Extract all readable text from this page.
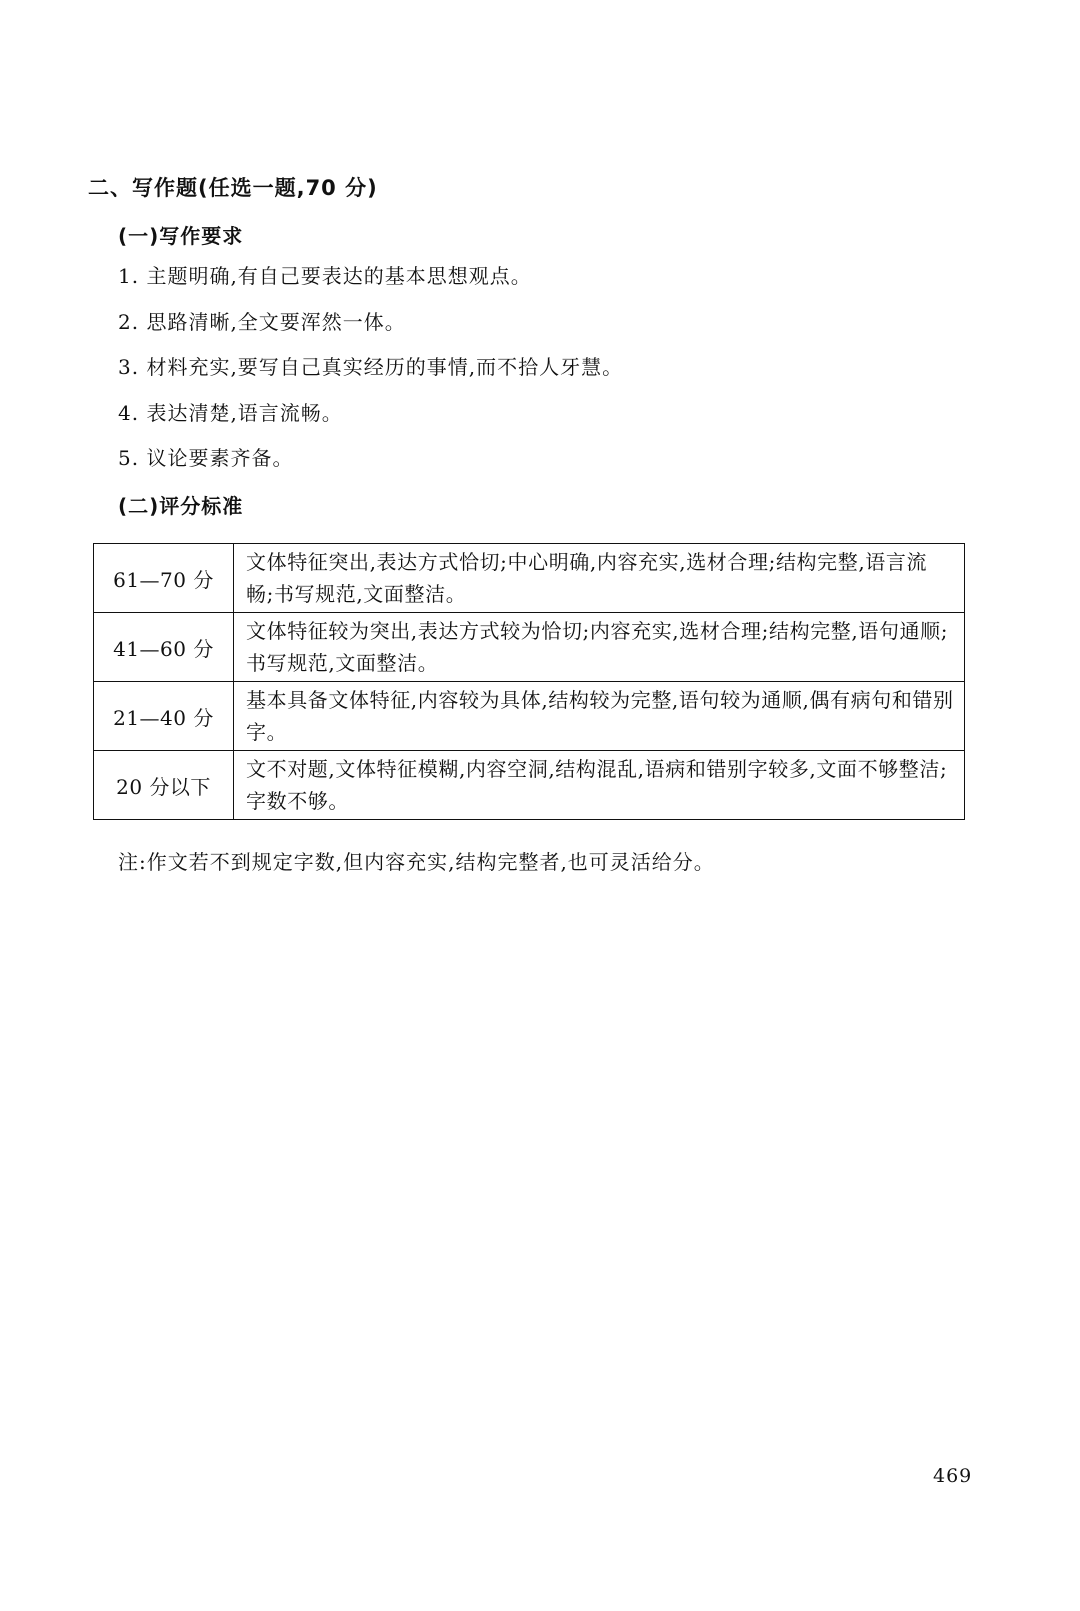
二、写作题(任选一题,70 分)
(一)写作要求
1. 主题明确,有自己要表达的基本思想观点。
2. 思路清晰,全文要浑然一体。
3. 材料充实,要写自己真实经历的事情,而不拾人牙慧。
4. 表达清楚,语言流畅。
5. 议论要素齐备。
(二)评分标准
61—70 分	文体特征突出,表达方式恰切;中心明确,内容充实,选材合理;结构完整,语言流畅;书写规范,文面整洁。
41—60 分	文体特征较为突出,表达方式较为恰切;内容充实,选材合理;结构完整,语句通顺;书写规范,文面整洁。
21—40 分	基本具备文体特征,内容较为具体,结构较为完整,语句较为通顺,偶有病句和错别字。
20 分以下	文不对题,文体特征模糊,内容空洞,结构混乱,语病和错别字较多,文面不够整洁;字数不够。
注:作文若不到规定字数,但内容充实,结构完整者,也可灵活给分。
469
